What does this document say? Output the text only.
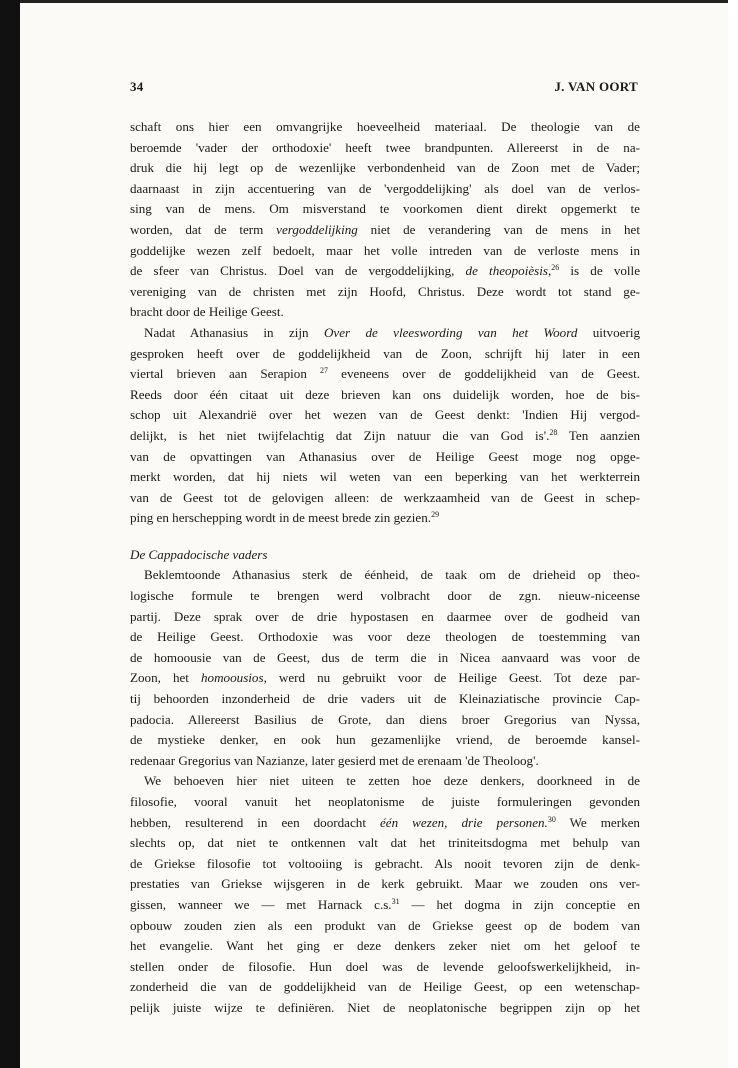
34	J. VAN OORT
schaft ons hier een omvangrijke hoeveelheid materiaal. De theologie van de
beroemde 'vader der orthodoxie' heeft twee brandpunten. Allereerst in de na-
druk die hij legt op de wezenlijke verbondenheid van de Zoon met de Vader;
daarnaast in zijn accentuering van de 'vergoddelijking' als doel van de verlos-
sing van de mens. Om misverstand te voorkomen dient direkt opgemerkt te
worden, dat de term vergoddelijking niet de verandering van de mens in het
goddelijke wezen zelf bedoelt, maar het volle intreden van de verloste mens in
de sfeer van Christus. Doel van de vergoddelijking, de theopoièsis,$^{26}$ is de volle
vereniging van de christen met zijn Hoofd, Christus. Deze wordt tot stand ge-
bracht door de Heilige Geest.
Nadat Athanasius in zijn Over de vleeswording van het Woord uitvoerig
gesproken heeft over de goddelijkheid van de Zoon, schrijft hij later in een
viertal brieven aan Serapion $^{27}$ eveneens over de goddelijkheid van de Geest.
Reeds door één citaat uit deze brieven kan ons duidelijk worden, hoe de bis-
schop uit Alexandrië over het wezen van de Geest denkt: 'Indien Hij vergod-
delijkt, is het niet twijfelachtig dat Zijn natuur die van God is'.$^{28}$ Ten aanzien
van de opvattingen van Athanasius over de Heilige Geest moge nog opge-
merkt worden, dat hij niets wil weten van een beperking van het werkterrein
van de Geest tot de gelovigen alleen: de werkzaamheid van de Geest in schep-
ping en herschepping wordt in de meest brede zin gezien.$^{29}$
De Cappadocische vaders
Beklemtoonde Athanasius sterk de éénheid, de taak om de drieheid op theo-
logische formule te brengen werd volbracht door de zgn. nieuw-niceense
partij. Deze sprak over de drie hypostasen en daarmee over de godheid van
de Heilige Geest. Orthodoxie was voor deze theologen de toestemming van
de homoousie van de Geest, dus de term die in Nicea aanvaard was voor de
Zoon, het homoousios, werd nu gebruikt voor de Heilige Geest. Tot deze par-
tij behoorden inzonderheid de drie vaders uit de Kleinaziatische provincie Cap-
padocia. Allereerst Basilius de Grote, dan diens broer Gregorius van Nyssa,
de mystieke denker, en ook hun gezamenlijke vriend, de beroemde kansel-
redenaar Gregorius van Nazianze, later gesierd met de erenaam 'de Theoloog'.
We behoeven hier niet uiteen te zetten hoe deze denkers, doorkneed in de
filosofie, vooral vanuit het neoplatonisme de juiste formuleringen gevonden
hebben, resulterend in een doordacht één wezen, drie personen.$^{30}$ We merken
slechts op, dat niet te ontkennen valt dat het triniteitsdogma met behulp van
de Griekse filosofie tot voltooiing is gebracht. Als nooit tevoren zijn de denk-
prestaties van Griekse wijsgeren in de kerk gebruikt. Maar we zouden ons ver-
gissen, wanneer we — met Harnack c.s.$^{31}$ — het dogma in zijn conceptie en
opbouw zouden zien als een produkt van de Griekse geest op de bodem van
het evangelie. Want het ging er deze denkers zeker niet om het geloof te
stellen onder de filosofie. Hun doel was de levende geloofswerkelijkheid, in-
zonderheid die van de goddelijkheid van de Heilige Geest, op een wetenschap-
pelijk juiste wijze te definiëren. Niet de neoplatonische begrippen zijn op het
